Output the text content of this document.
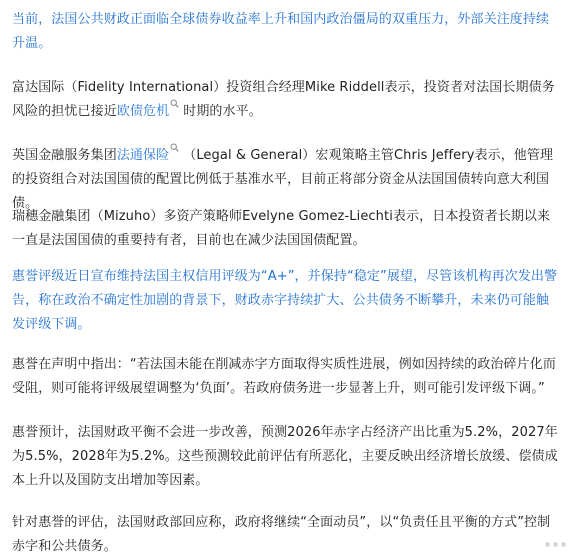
当前，法国公共财政正面临全球债券收益率上升和国内政治僵局的双重压力，外部关注度持续升温。

富达国际（Fidelity International）投资组合经理Mike Riddell表示，投资者对法国长期债务风险的担忧已接近欧债危机 时期的水平。

英国金融服务集团法通保险 （Legal & General）宏观策略主管Chris Jeffery表示，他管理的投资组合对法国国债的配置比例低于基准水平，目前正将部分资金从法国国债转向意大利国债。

瑞穗金融集团（Mizuho）多资产策略师Evelyne Gomez-Liechti表示，日本投资者长期以来一直是法国国债的重要持有者，目前也在减少法国国债配置。

惠誉评级近日宣布维持法国主权信用评级为“A+”，并保持“稳定”展望，尽管该机构再次发出警告，称在政治不确定性加剧的背景下，财政赤字持续扩大、公共债务不断攀升，未来仍可能触发评级下调。

惠誉在声明中指出：“若法国未能在削减赤字方面取得实质性进展，例如因持续的政治碎片化而受阻，则可能将评级展望调整为‘负面’。若政府债务进一步显著上升，则可能引发评级下调。”

惠誉预计，法国财政平衡不会进一步改善，预测2026年赤字占经济产出比重为5.2%，2027年为5.5%，2028年为5.2%。这些预测较此前评估有所恶化，主要反映出经济增长放缓、偿债成本上升以及国防支出增加等因素。

针对惠誉的评估，法国财政部回应称，政府将继续“全面动员”，以“负责任且平衡的方式”控制赤字和公共债务。
